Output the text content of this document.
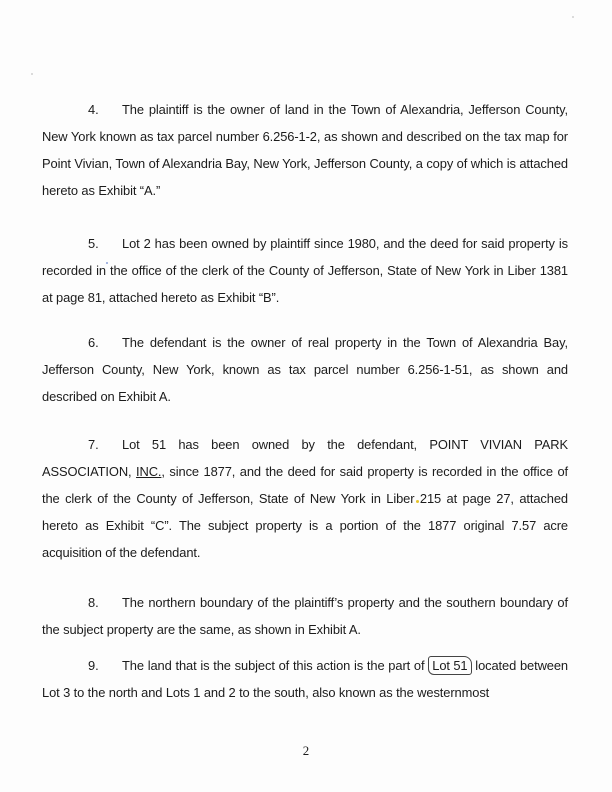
4. The plaintiff is the owner of land in the Town of Alexandria, Jefferson County, New York known as tax parcel number 6.256-1-2, as shown and described on the tax map for Point Vivian, Town of Alexandria Bay, New York, Jefferson County, a copy of which is attached hereto as Exhibit “A.”
5. Lot 2 has been owned by plaintiff since 1980, and the deed for said property is recorded in the office of the clerk of the County of Jefferson, State of New York in Liber 1381 at page 81, attached hereto as Exhibit “B”.
6. The defendant is the owner of real property in the Town of Alexandria Bay, Jefferson County, New York, known as tax parcel number 6.256-1-51, as shown and described on Exhibit A.
7. Lot 51 has been owned by the defendant, POINT VIVIAN PARK ASSOCIATION, INC., since 1877, and the deed for said property is recorded in the office of the clerk of the County of Jefferson, State of New York in Liber 215 at page 27, attached hereto as Exhibit “C”. The subject property is a portion of the 1877 original 7.57 acre acquisition of the defendant.
8. The northern boundary of the plaintiff’s property and the southern boundary of the subject property are the same, as shown in Exhibit A.
9. The land that is the subject of this action is the part of Lot 51 located between Lot 3 to the north and Lots 1 and 2 to the south, also known as the westernmost
2
